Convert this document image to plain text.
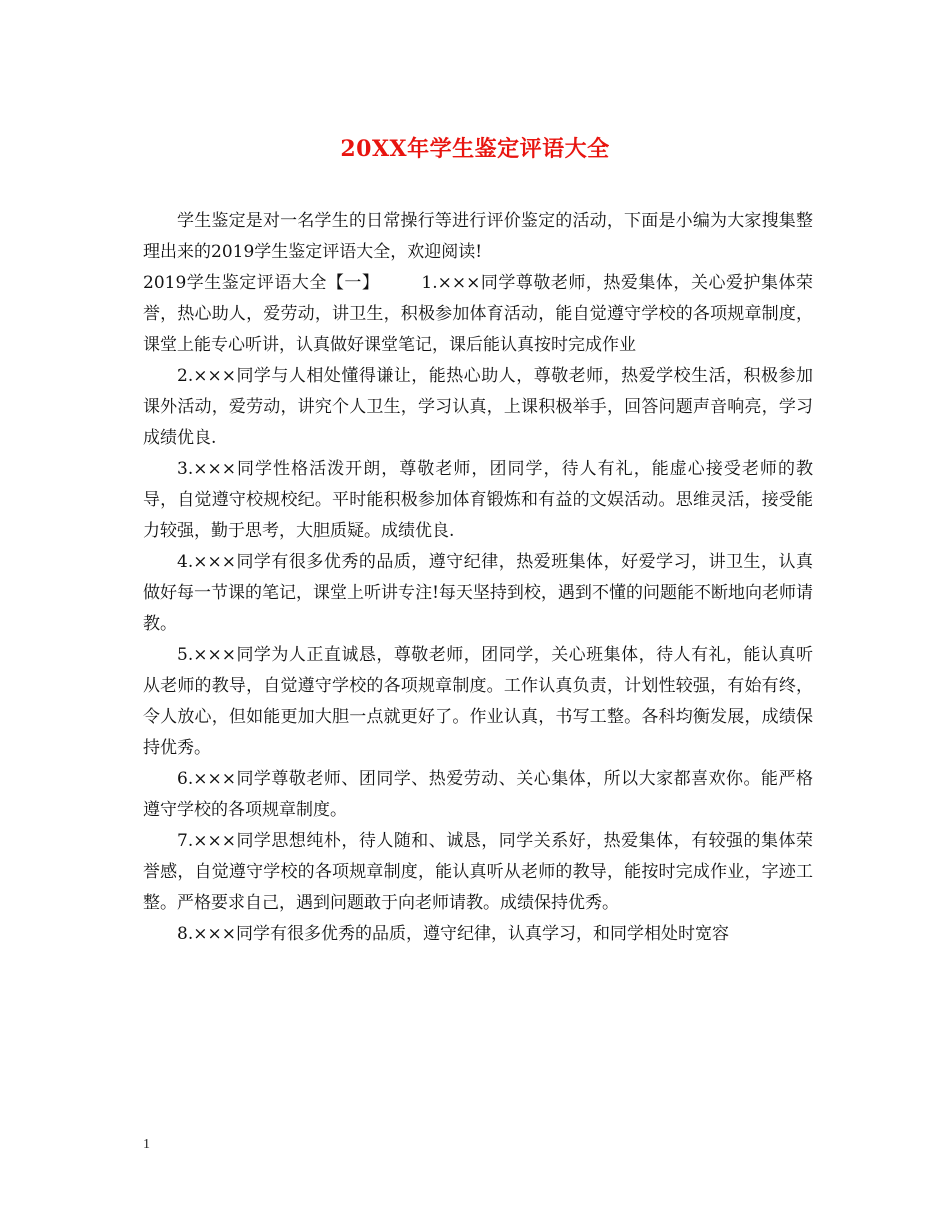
20XX年学生鉴定评语大全

学生鉴定是对一名学生的日常操行等进行评价鉴定的活动，下面是小编为大家搜集整理出来的2019学生鉴定评语大全，欢迎阅读!

2019学生鉴定评语大全【一】 1.×××同学尊敬老师，热爱集体，关心爱护集体荣誉，热心助人，爱劳动，讲卫生，积极参加体育活动，能自觉遵守学校的各项规章制度，课堂上能专心听讲，认真做好课堂笔记，课后能认真按时完成作业

2.×××同学与人相处懂得谦让，能热心助人，尊敬老师，热爱学校生活，积极参加课外活动，爱劳动，讲究个人卫生，学习认真，上课积极举手，回答问题声音响亮，学习成绩优良.

3.×××同学性格活泼开朗，尊敬老师，团同学，待人有礼，能虚心接受老师的教导，自觉遵守校规校纪。平时能积极参加体育锻炼和有益的文娱活动。思维灵活，接受能力较强，勤于思考，大胆质疑。成绩优良.

4.×××同学有很多优秀的品质，遵守纪律，热爱班集体，好爱学习，讲卫生，认真做好每一节课的笔记，课堂上听讲专注!每天坚持到校，遇到不懂的问题能不断地向老师请教。

5.×××同学为人正直诚恳，尊敬老师，团同学，关心班集体，待人有礼，能认真听从老师的教导，自觉遵守学校的各项规章制度。工作认真负责，计划性较强，有始有终，令人放心，但如能更加大胆一点就更好了。作业认真，书写工整。各科均衡发展，成绩保持优秀。

6.×××同学尊敬老师、团同学、热爱劳动、关心集体，所以大家都喜欢你。能严格遵守学校的各项规章制度。

7.×××同学思想纯朴，待人随和、诚恳，同学关系好，热爱集体，有较强的集体荣誉感，自觉遵守学校的各项规章制度，能认真听从老师的教导，能按时完成作业，字迹工整。严格要求自己，遇到问题敢于向老师请教。成绩保持优秀。

8.×××同学有很多优秀的品质，遵守纪律，认真学习，和同学相处时宽容

1
